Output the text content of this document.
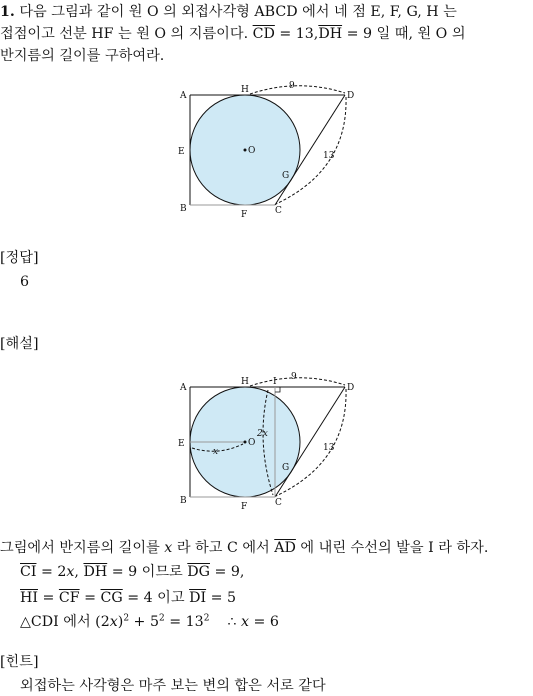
1. 다음 그림과 같이 원 O 의 외접사각형 ABCD 에서 네 점 E, F, G, H 는
접점이고 선분 HF 는 원 O 의 지름이다. $\overline{CD} = 13,\overline{DH} = 9$ 일 때, 원 O 의
반지름의 길이를 구하여라.
A
B	C
D
E
F
G
H
O
9
13
[정답]
6
[해설]
A
B	C
D
E
F
G
H	I
O
x
2x
9
13
그림에서 반지름의 길이를 x 라 하고 C 에서 $\overline{AD}$ 에 내린 수선의 발을 I 라 하자.
$\overline{CI} = 2x$, $\overline{DH} = 9$ 이므로 $\overline{DG} = 9$,
$\overline{HI} = \overline{CF} = \overline{CG} = 4$ 이고 $\overline{DI} = 5$
△CDI 에서 $(2x)^2 + 5^2 = 13^2$    ∴ x = 6
[힌트]
외접하는 사각형은 마주 보는 변의 합은 서로 같다
